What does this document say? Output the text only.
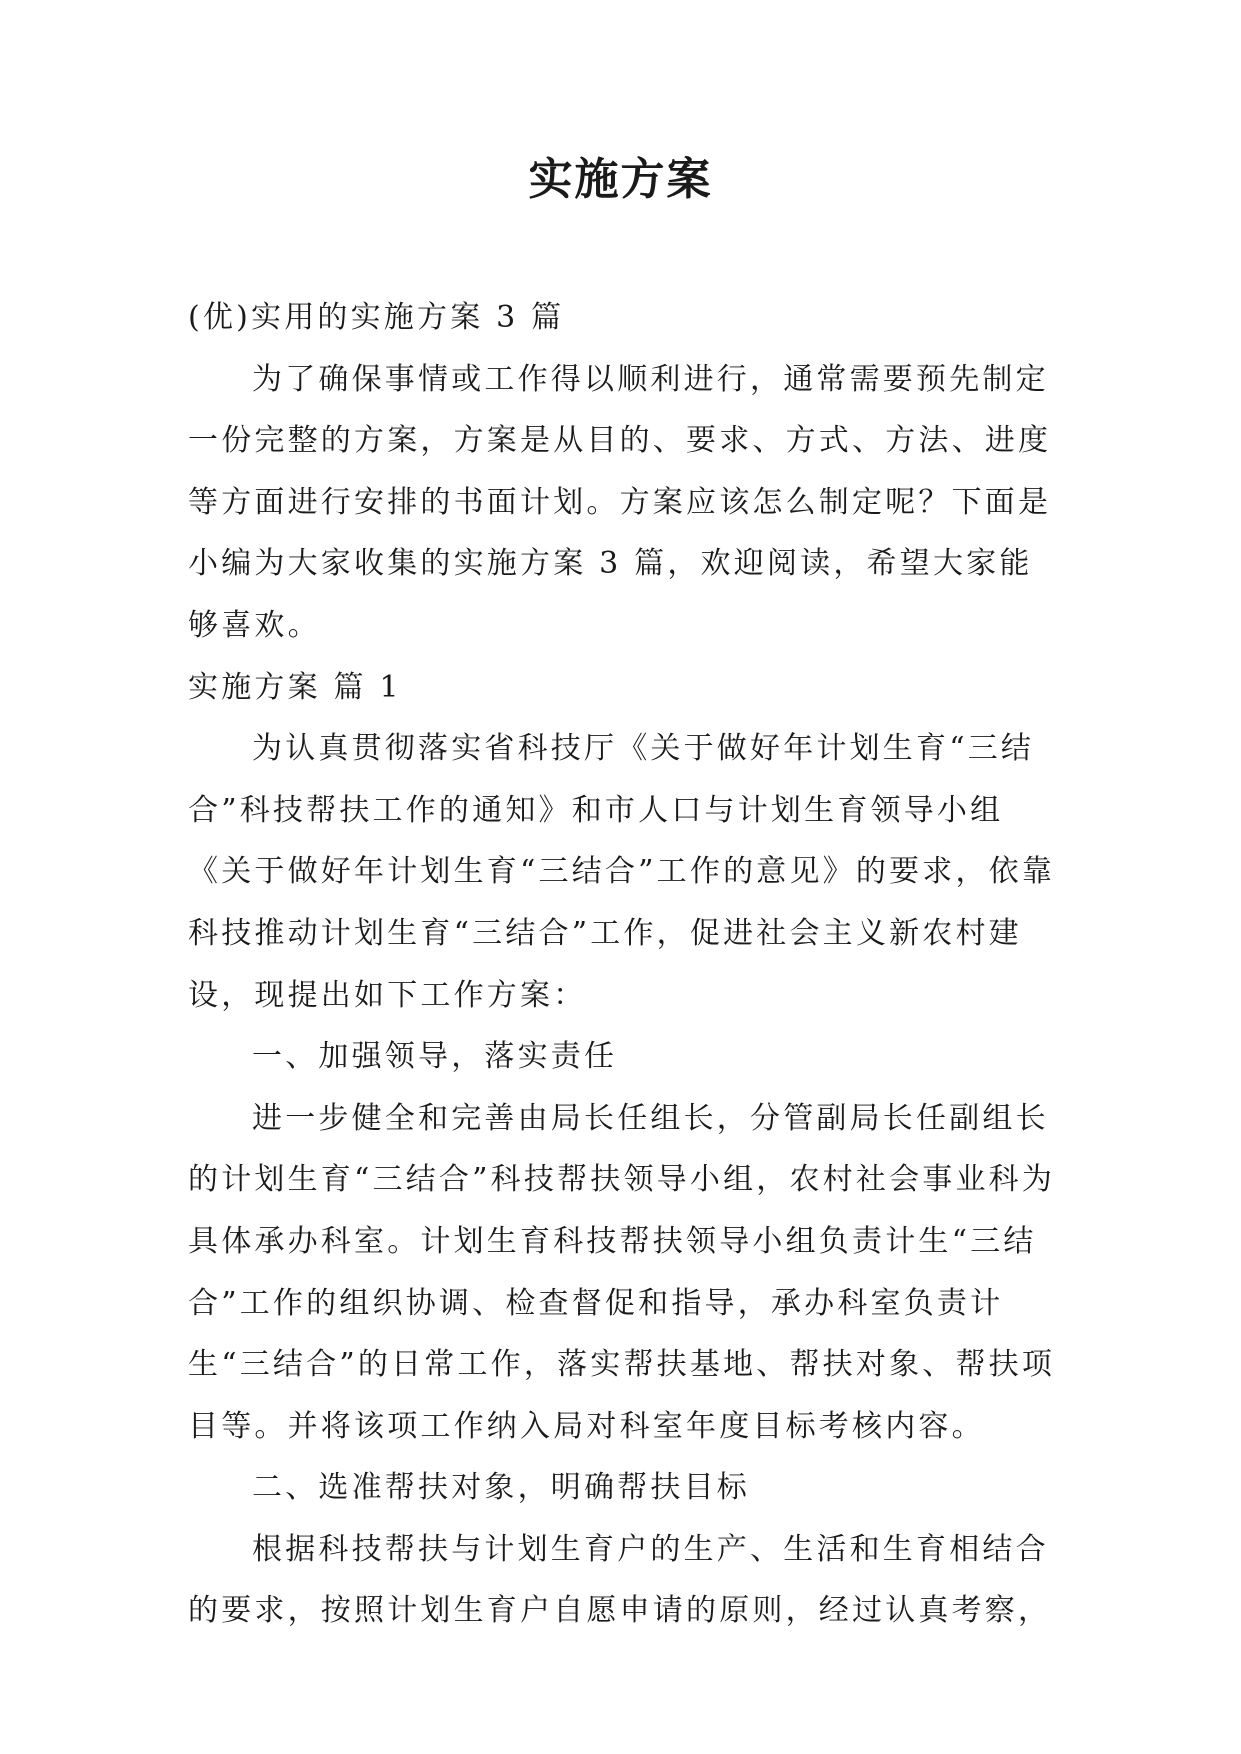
实施方案

(优)实用的实施方案 3 篇

为了确保事情或工作得以顺利进行，通常需要预先制定一份完整的方案，方案是从目的、要求、方式、方法、进度等方面进行安排的书面计划。方案应该怎么制定呢？下面是小编为大家收集的实施方案 3 篇，欢迎阅读，希望大家能够喜欢。

实施方案 篇 1

为认真贯彻落实省科技厅《关于做好年计划生育“三结合”科技帮扶工作的通知》和市人口与计划生育领导小组《关于做好年计划生育“三结合”工作的意见》的要求，依靠科技推动计划生育“三结合”工作，促进社会主义新农村建设，现提出如下工作方案：

一、加强领导，落实责任

进一步健全和完善由局长任组长，分管副局长任副组长的计划生育“三结合”科技帮扶领导小组，农村社会事业科为具体承办科室。计划生育科技帮扶领导小组负责计生“三结合”工作的组织协调、检查督促和指导，承办科室负责计生“三结合”的日常工作，落实帮扶基地、帮扶对象、帮扶项目等。并将该项工作纳入局对科室年度目标考核内容。

二、选准帮扶对象，明确帮扶目标

根据科技帮扶与计划生育户的生产、生活和生育相结合的要求，按照计划生育户自愿申请的原则，经过认真考察，
